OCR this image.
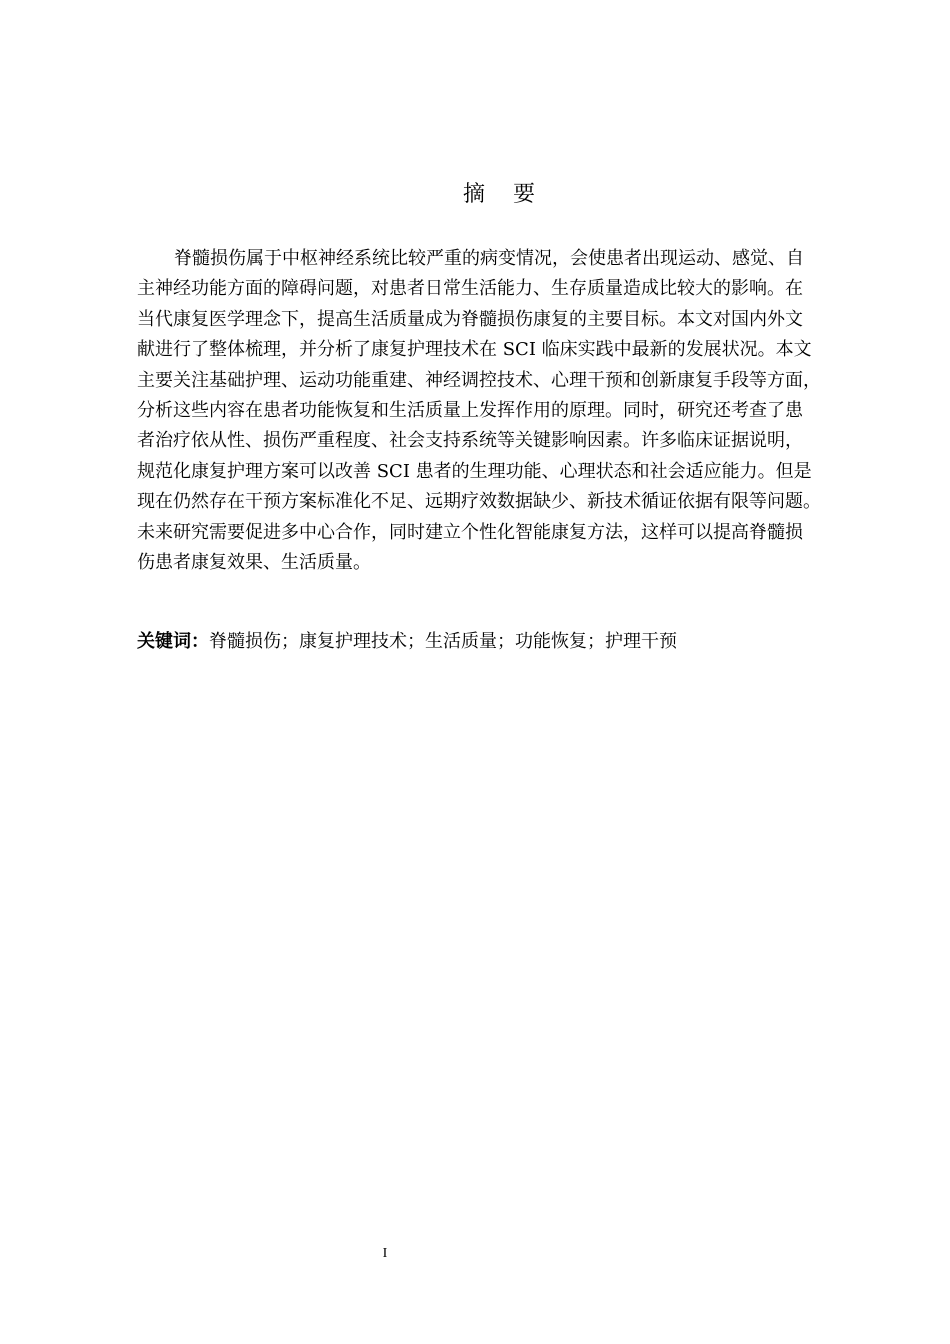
摘    要
脊髓损伤属于中枢神经系统比较严重的病变情况，会使患者出现运动、感觉、自
主神经功能方面的障碍问题，对患者日常生活能力、生存质量造成比较大的影响。在
当代康复医学理念下，提高生活质量成为脊髓损伤康复的主要目标。本文对国内外文
献进行了整体梳理，并分析了康复护理技术在 SCI 临床实践中最新的发展状况。本文
主要关注基础护理、运动功能重建、神经调控技术、心理干预和创新康复手段等方面，
分析这些内容在患者功能恢复和生活质量上发挥作用的原理。同时，研究还考查了患
者治疗依从性、损伤严重程度、社会支持系统等关键影响因素。许多临床证据说明，
规范化康复护理方案可以改善 SCI 患者的生理功能、心理状态和社会适应能力。但是
现在仍然存在干预方案标准化不足、远期疗效数据缺少、新技术循证依据有限等问题。
未来研究需要促进多中心合作，同时建立个性化智能康复方法，这样可以提高脊髓损
伤患者康复效果、生活质量。
关键词：脊髓损伤；康复护理技术；生活质量；功能恢复；护理干预
I
